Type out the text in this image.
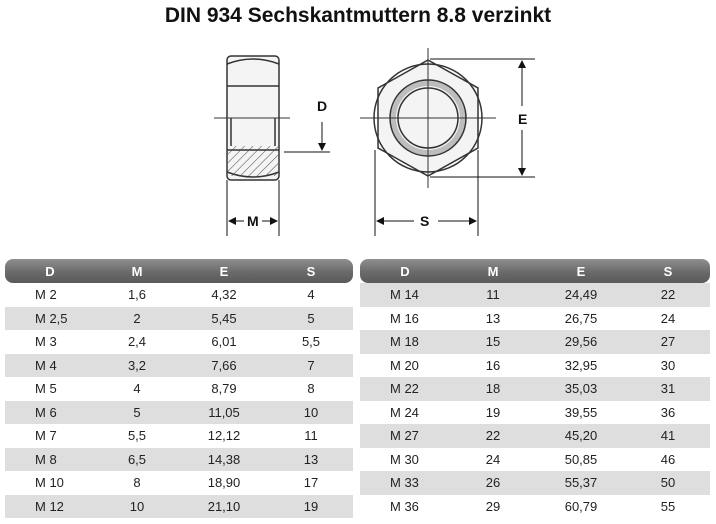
DIN 934 Sechskantmuttern 8.8 verzinkt
D
M
E
S
D	M	E	S
M 2	1,6	4,32	4
M 2,5	2	5,45	5
M 3	2,4	6,01	5,5
M 4	3,2	7,66	7
M 5	4	8,79	8
M 6	5	11,05	10
M 7	5,5	12,12	11
M 8	6,5	14,38	13
M 10	8	18,90	17
M 12	10	21,10	19
D	M	E	S
M 14	11	24,49	22
M 16	13	26,75	24
M 18	15	29,56	27
M 20	16	32,95	30
M 22	18	35,03	31
M 24	19	39,55	36
M 27	22	45,20	41
M 30	24	50,85	46
M 33	26	55,37	50
M 36	29	60,79	55
